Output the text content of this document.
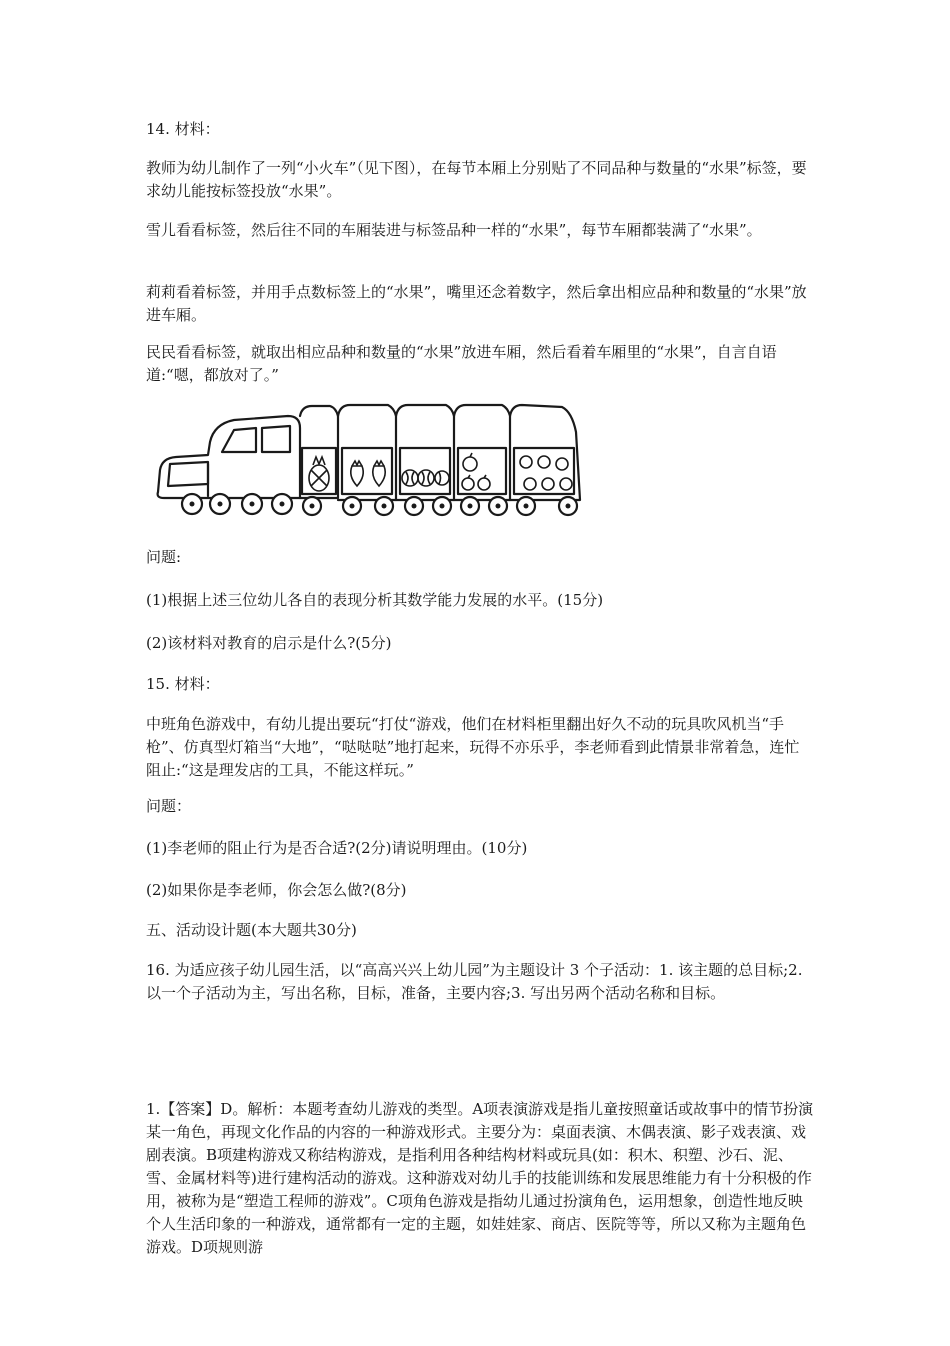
14. 材料：

教师为幼儿制作了一列“小火车”（见下图），在每节本厢上分别贴了不同品种与数量的“水果”标签，要求幼儿能按标签投放“水果”。

雪儿看看标签，然后往不同的车厢装进与标签品种一样的“水果”，每节车厢都装满了“水果”。

莉莉看着标签，并用手点数标签上的“水果”，嘴里还念着数字，然后拿出相应品种和数量的“水果”放进车厢。

民民看看标签，就取出相应品种和数量的“水果”放进车厢，然后看着车厢里的“水果”，自言自语道:“嗯，都放对了。”

问题:

(1)根据上述三位幼儿各自的表现分析其数学能力发展的水平。(15分)

(2)该材料对教育的启示是什么?(5分)

15. 材料：

中班角色游戏中，有幼儿提出要玩“打仗“游戏，他们在材料柜里翻出好久不动的玩具吹风机当“手枪”、仿真型灯箱当“大地”，“哒哒哒”地打起来，玩得不亦乐乎，李老师看到此情景非常着急，连忙阻止:“这是理发店的工具，不能这样玩。”

问题：

(1)李老师的阻止行为是否合适?(2分)请说明理由。(10分)

(2)如果你是李老师，你会怎么做?(8分)

五、活动设计题(本大题共30分)

16. 为适应孩子幼儿园生活，以“高高兴兴上幼儿园”为主题设计 3 个子活动：1. 该主题的总目标;2. 以一个子活动为主，写出名称，目标，准备，主要内容;3. 写出另两个活动名称和目标。

1.【答案】D。解析：本题考查幼儿游戏的类型。A项表演游戏是指儿童按照童话或故事中的情节扮演某一角色，再现文化作品的内容的一种游戏形式。主要分为：桌面表演、木偶表演、影子戏表演、戏剧表演。B项建构游戏又称结构游戏，是指利用各种结构材料或玩具(如：积木、积塑、沙石、泥、雪、金属材料等)进行建构活动的游戏。这种游戏对幼儿手的技能训练和发展思维能力有十分积极的作用，被称为是“塑造工程师的游戏”。C项角色游戏是指幼儿通过扮演角色，运用想象，创造性地反映个人生活印象的一种游戏，通常都有一定的主题，如娃娃家、商店、医院等等，所以又称为主题角色游戏。D项规则游
